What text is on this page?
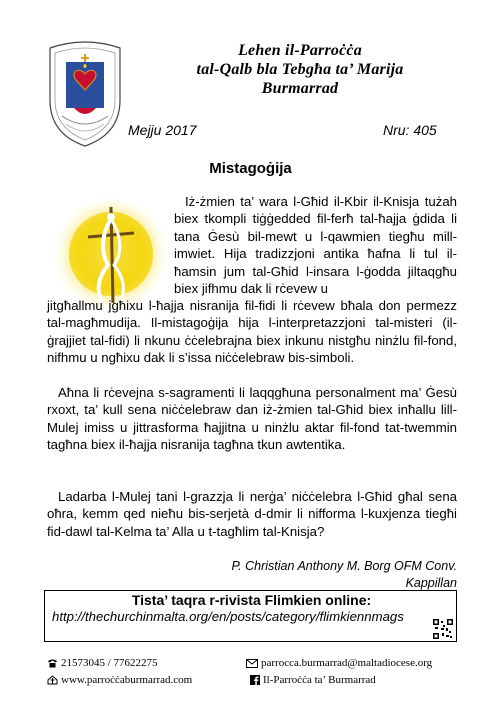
Lehen il-Parroċċa
tal-Qalb bla Tebgħa ta’ Marija
Burmarrad
Mejju 2017	Nru: 405
Mistagoġija
Iż-żmien ta’ wara l-Għid il-Kbir il-Knisja tużah biex tkompli tiġġedded fil-ferħ tal-ħajja ġdida li tana Ġesù bil-mewt u l-qawmien tiegħu mill-imwiet. Hija tradizzjoni antika ħafna li tul il-ħamsin jum tal-Għid l-insara l-ġodda jiltaqgħu biex jifhmu dak li rċevew u
jitgħallmu jgħixu l-ħajja nisranija fil-fidi li rċevew bħala don permezz tal-magħmudija. Il-mistagoġija hija l-interpretazzjoni tal-misteri (il-ġrajjiet tal-fidi) li nkunu ċċelebrajna biex inkunu nistgħu ninżlu fil-fond, nifhmu u ngħixu dak li s’issa niċċelebraw bis-simboli.
Aħna li rċevejna s-sagramenti li laqqgħuna personalment ma’ Ġesù rxoxt, ta’ kull sena niċċelebraw dan iż-żmien tal-Għid biex inħallu lill-Mulej imiss u jittrasforma ħajjitna u ninżlu aktar fil-fond tat-twemmin tagħna biex il-ħajja nisranija tagħna tkun awtentika.
Ladarba l-Mulej tani l-grazzja li nerġa’ niċċelebra l-Għid għal sena oħra, kemm qed nieħu bis-serjetà d-dmir li nifforma l-kuxjenza tiegħi fid-dawl tal-Kelma ta’ Alla u t-tagħlim tal-Knisja?
P. Christian Anthony M. Borg OFM Conv.
Kappillan
Tista’ taqra r-rivista Flimkien online:
http://thechurchinmalta.org/en/posts/category/flimkiennmags
21573045 / 77622275
www.parroċċaburmarrad.com
parrocca.burmarrad@maltadiocese.org
Il-Parroċċa ta’ Burmarrad
